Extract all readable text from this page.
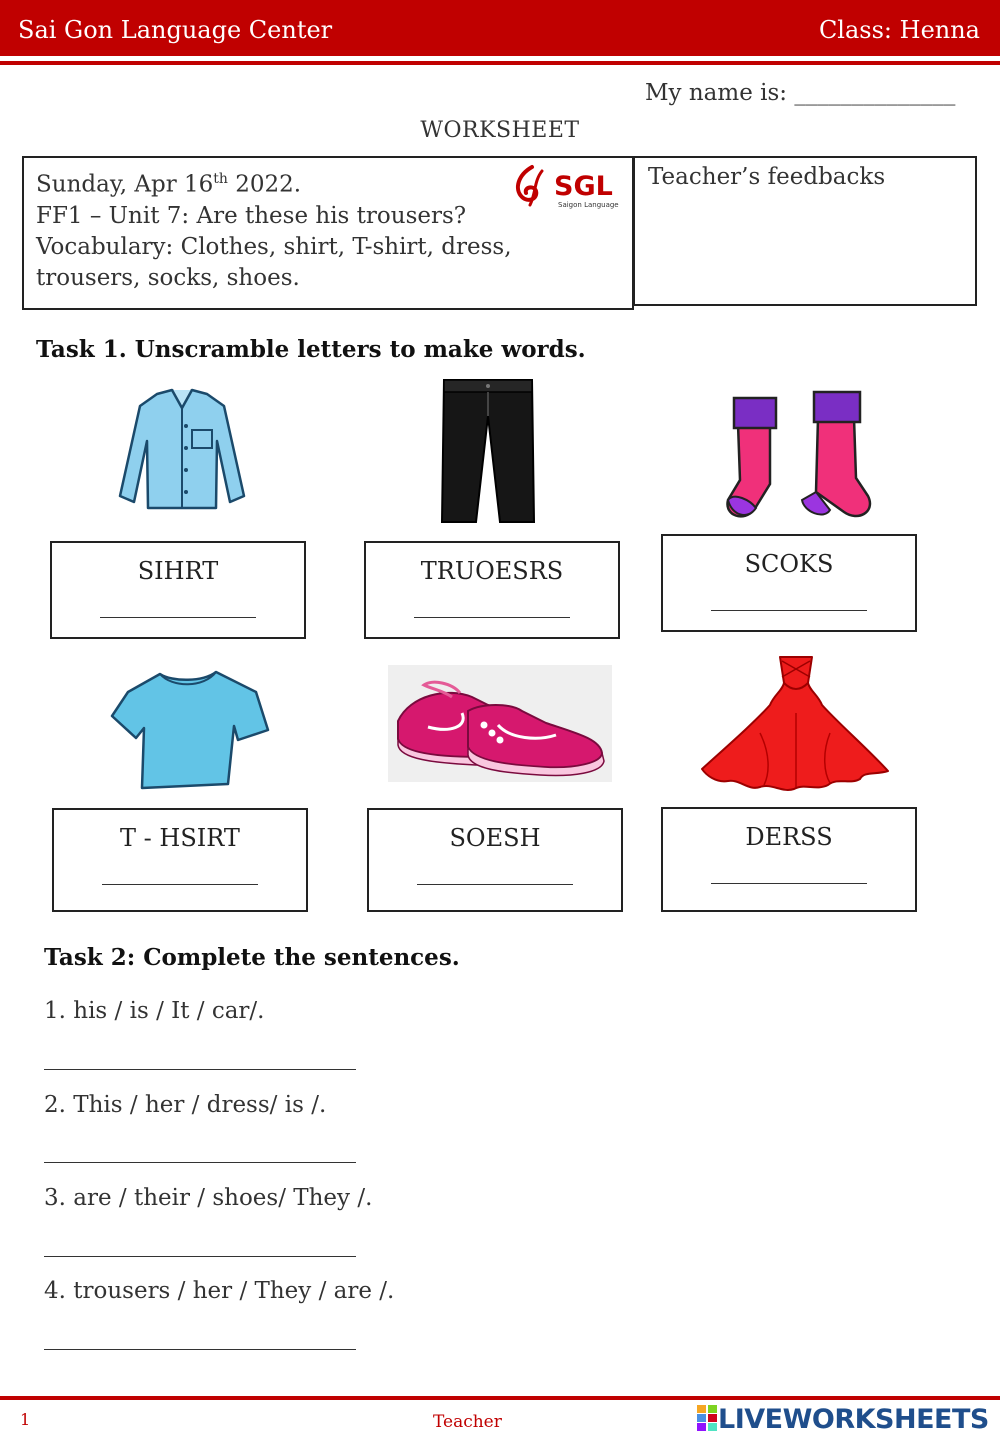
Sai Gon Language Center	Class: Henna
My name is: ______________
WORKSHEET
Sunday, Apr 16th 2022.
FF1 – Unit 7: Are these his trousers?
Vocabulary: Clothes, shirt, T-shirt, dress,
trousers, socks, shoes.
SGL
Saigon Language
Teacher’s feedbacks
Task 1. Unscramble letters to make words.
SIHRT	TRUOESRS	SCOKS
T - HSIRT	SOESH	DERSS
Task 2: Complete the sentences.
1. his / is / It / car/.
2. This / her / dress/ is /.
3. are / their / shoes/ They /.
4. trousers / her / They / are /.
1	Teacher	LIVEWORKSHEETS
